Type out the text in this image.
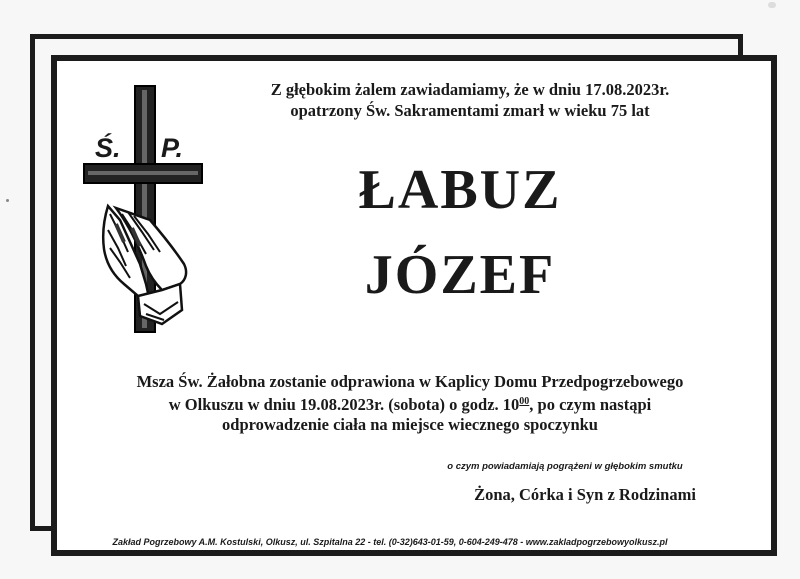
Z głębokim żalem zawiadamiamy, że w dniu 17.08.2023r.
opatrzony Św. Sakramentami zmarł w wieku 75 lat
Ś. P.
ŁABUZ
JÓZEF
Msza Św. Żałobna zostanie odprawiona w Kaplicy Domu Przedpogrzebowego
w Olkuszu w dniu 19.08.2023r. (sobota) o godz. $10^{00}$, po czym nastąpi
odprowadzenie ciała na miejsce wiecznego spoczynku
o czym powiadamiają pogrążeni w głębokim smutku
Żona, Córka i Syn z Rodzinami
Zakład Pogrzebowy A.M. Kostulski, Olkusz, ul. Szpitalna 22 - tel. (0-32)643-01-59, 0-604-249-478 - www.zakladpogrzebowyolkusz.pl
